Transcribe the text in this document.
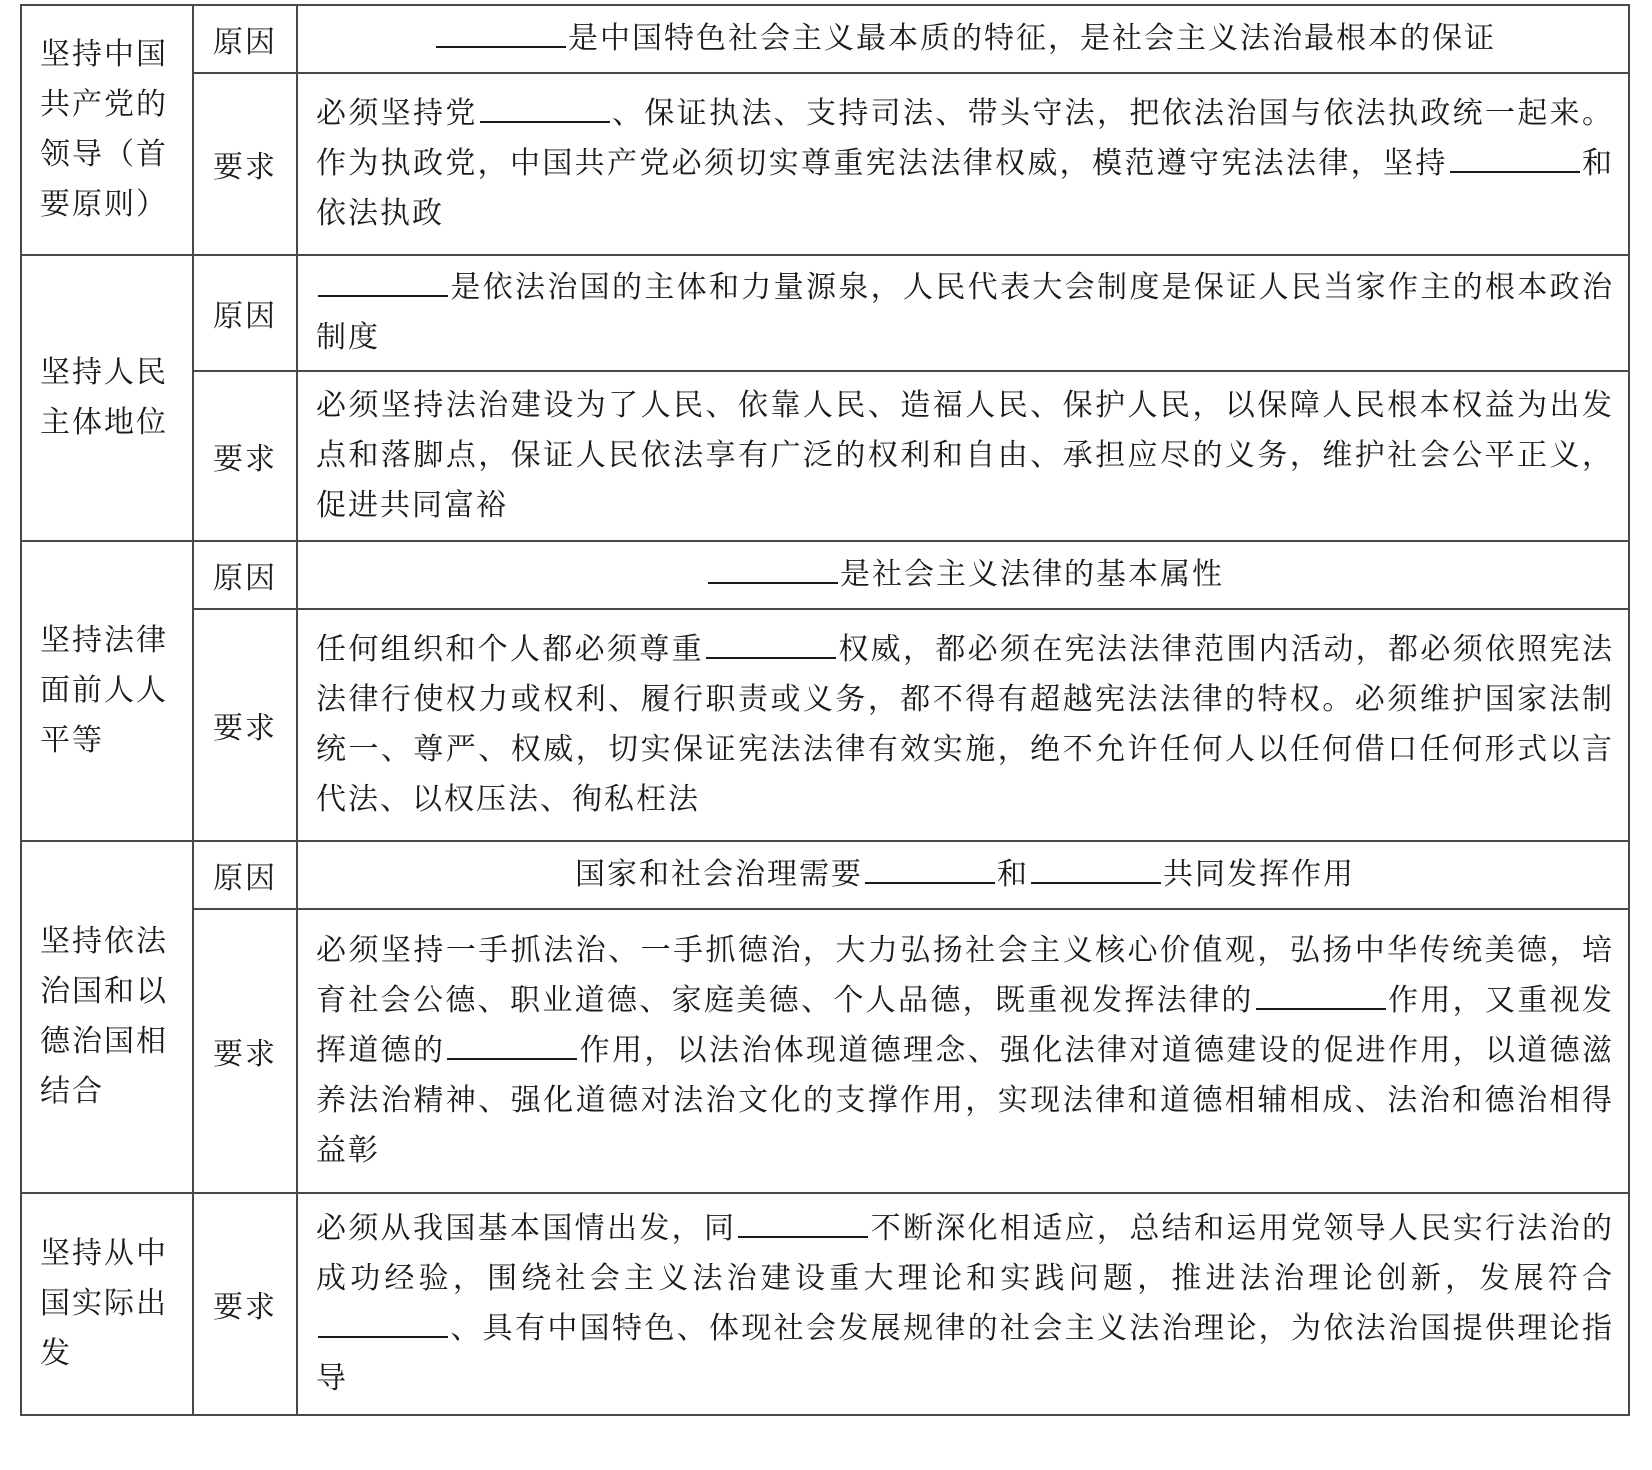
坚持中国共产党的领导（首要原则）	原因	是中国特色社会主义最本质的特征，是社会主义法治最根本的保证
	要求	必须坚持党 、保证执法、支持司法、带头守法，把依法治国与依法执政统一起来。作为执政党，中国共产党必须切实尊重宪法法律权威，模范遵守宪法法律，坚持 和依法执政
坚持人民主体地位	原因	是依法治国的主体和力量源泉，人民代表大会制度是保证人民当家作主的根本政治制度
	要求	必须坚持法治建设为了人民、依靠人民、造福人民、保护人民，以保障人民根本权益为出发点和落脚点，保证人民依法享有广泛的权利和自由、承担应尽的义务，维护社会公平正义，促进共同富裕
坚持法律面前人人平等	原因	是社会主义法律的基本属性
	要求	任何组织和个人都必须尊重 权威，都必须在宪法法律范围内活动，都必须依照宪法法律行使权力或权利、履行职责或义务，都不得有超越宪法法律的特权。必须维护国家法制统一、尊严、权威，切实保证宪法法律有效实施，绝不允许任何人以任何借口任何形式以言代法、以权压法、徇私枉法
坚持依法治国和以德治国相结合	原因	国家和社会治理需要 和 共同发挥作用
	要求	必须坚持一手抓法治、一手抓德治，大力弘扬社会主义核心价值观，弘扬中华传统美德，培育社会公德、职业道德、家庭美德、个人品德，既重视发挥法律的 作用，又重视发挥道德的 作用，以法治体现道德理念、强化法律对道德建设的促进作用，以道德滋养法治精神、强化道德对法治文化的支撑作用，实现法律和道德相辅相成、法治和德治相得益彰
坚持从中国实际出发	要求	必须从我国基本国情出发，同 不断深化相适应，总结和运用党领导人民实行法治的成功经验，围绕社会主义法治建设重大理论和实践问题，推进法治理论创新，发展符合、具有中国特色、体现社会发展规律的社会主义法治理论，为依法治国提供理论指导
